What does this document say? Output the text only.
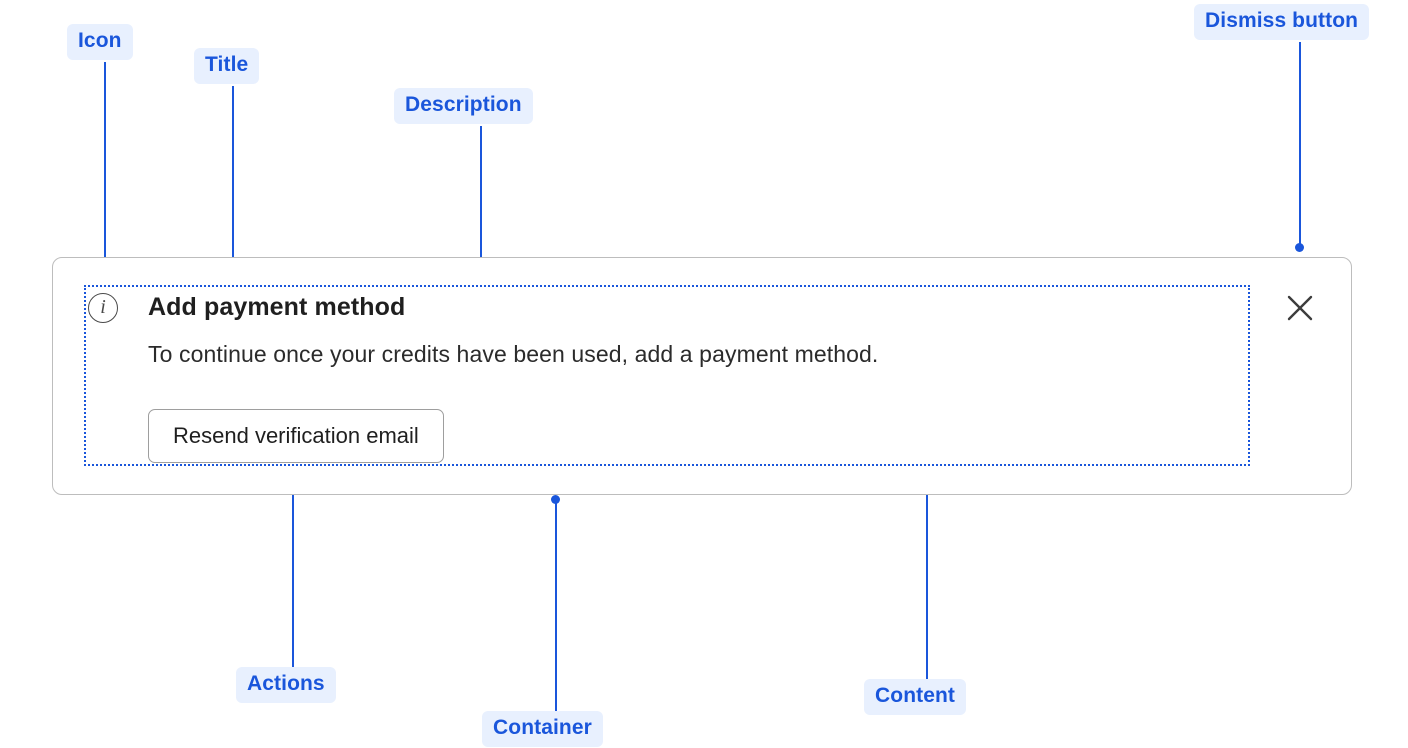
Icon
Title
Description
Dismiss button
Actions
Container
Content
i	Add payment method
To continue once your credits have been used, add a payment method.
Resend verification email
